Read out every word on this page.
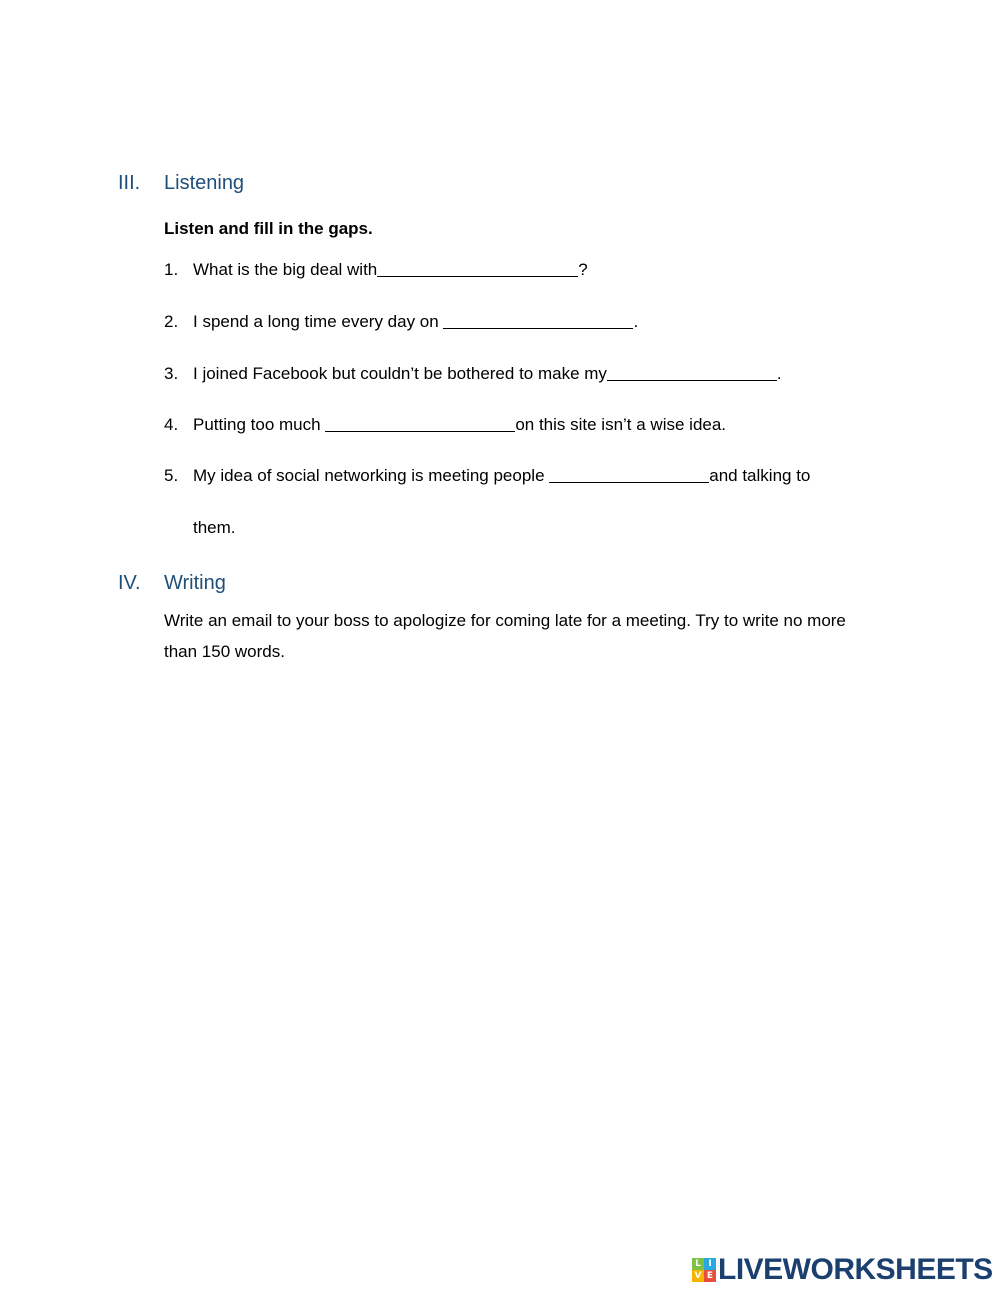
III.	Listening
Listen and fill in the gaps.
1. What is the big deal with	?
2. I spend a long time every day on	.
3. I joined Facebook but couldn’t be bothered to make my	.
4. Putting too much	on this site isn’t a wise idea.
5. My idea of social networking is meeting people	and talking to
them.
IV.	Writing
Write an email to your boss to apologize for coming late for a meeting. Try to write no more than 150 words.
L I
V E LIVEWORKSHEETS
